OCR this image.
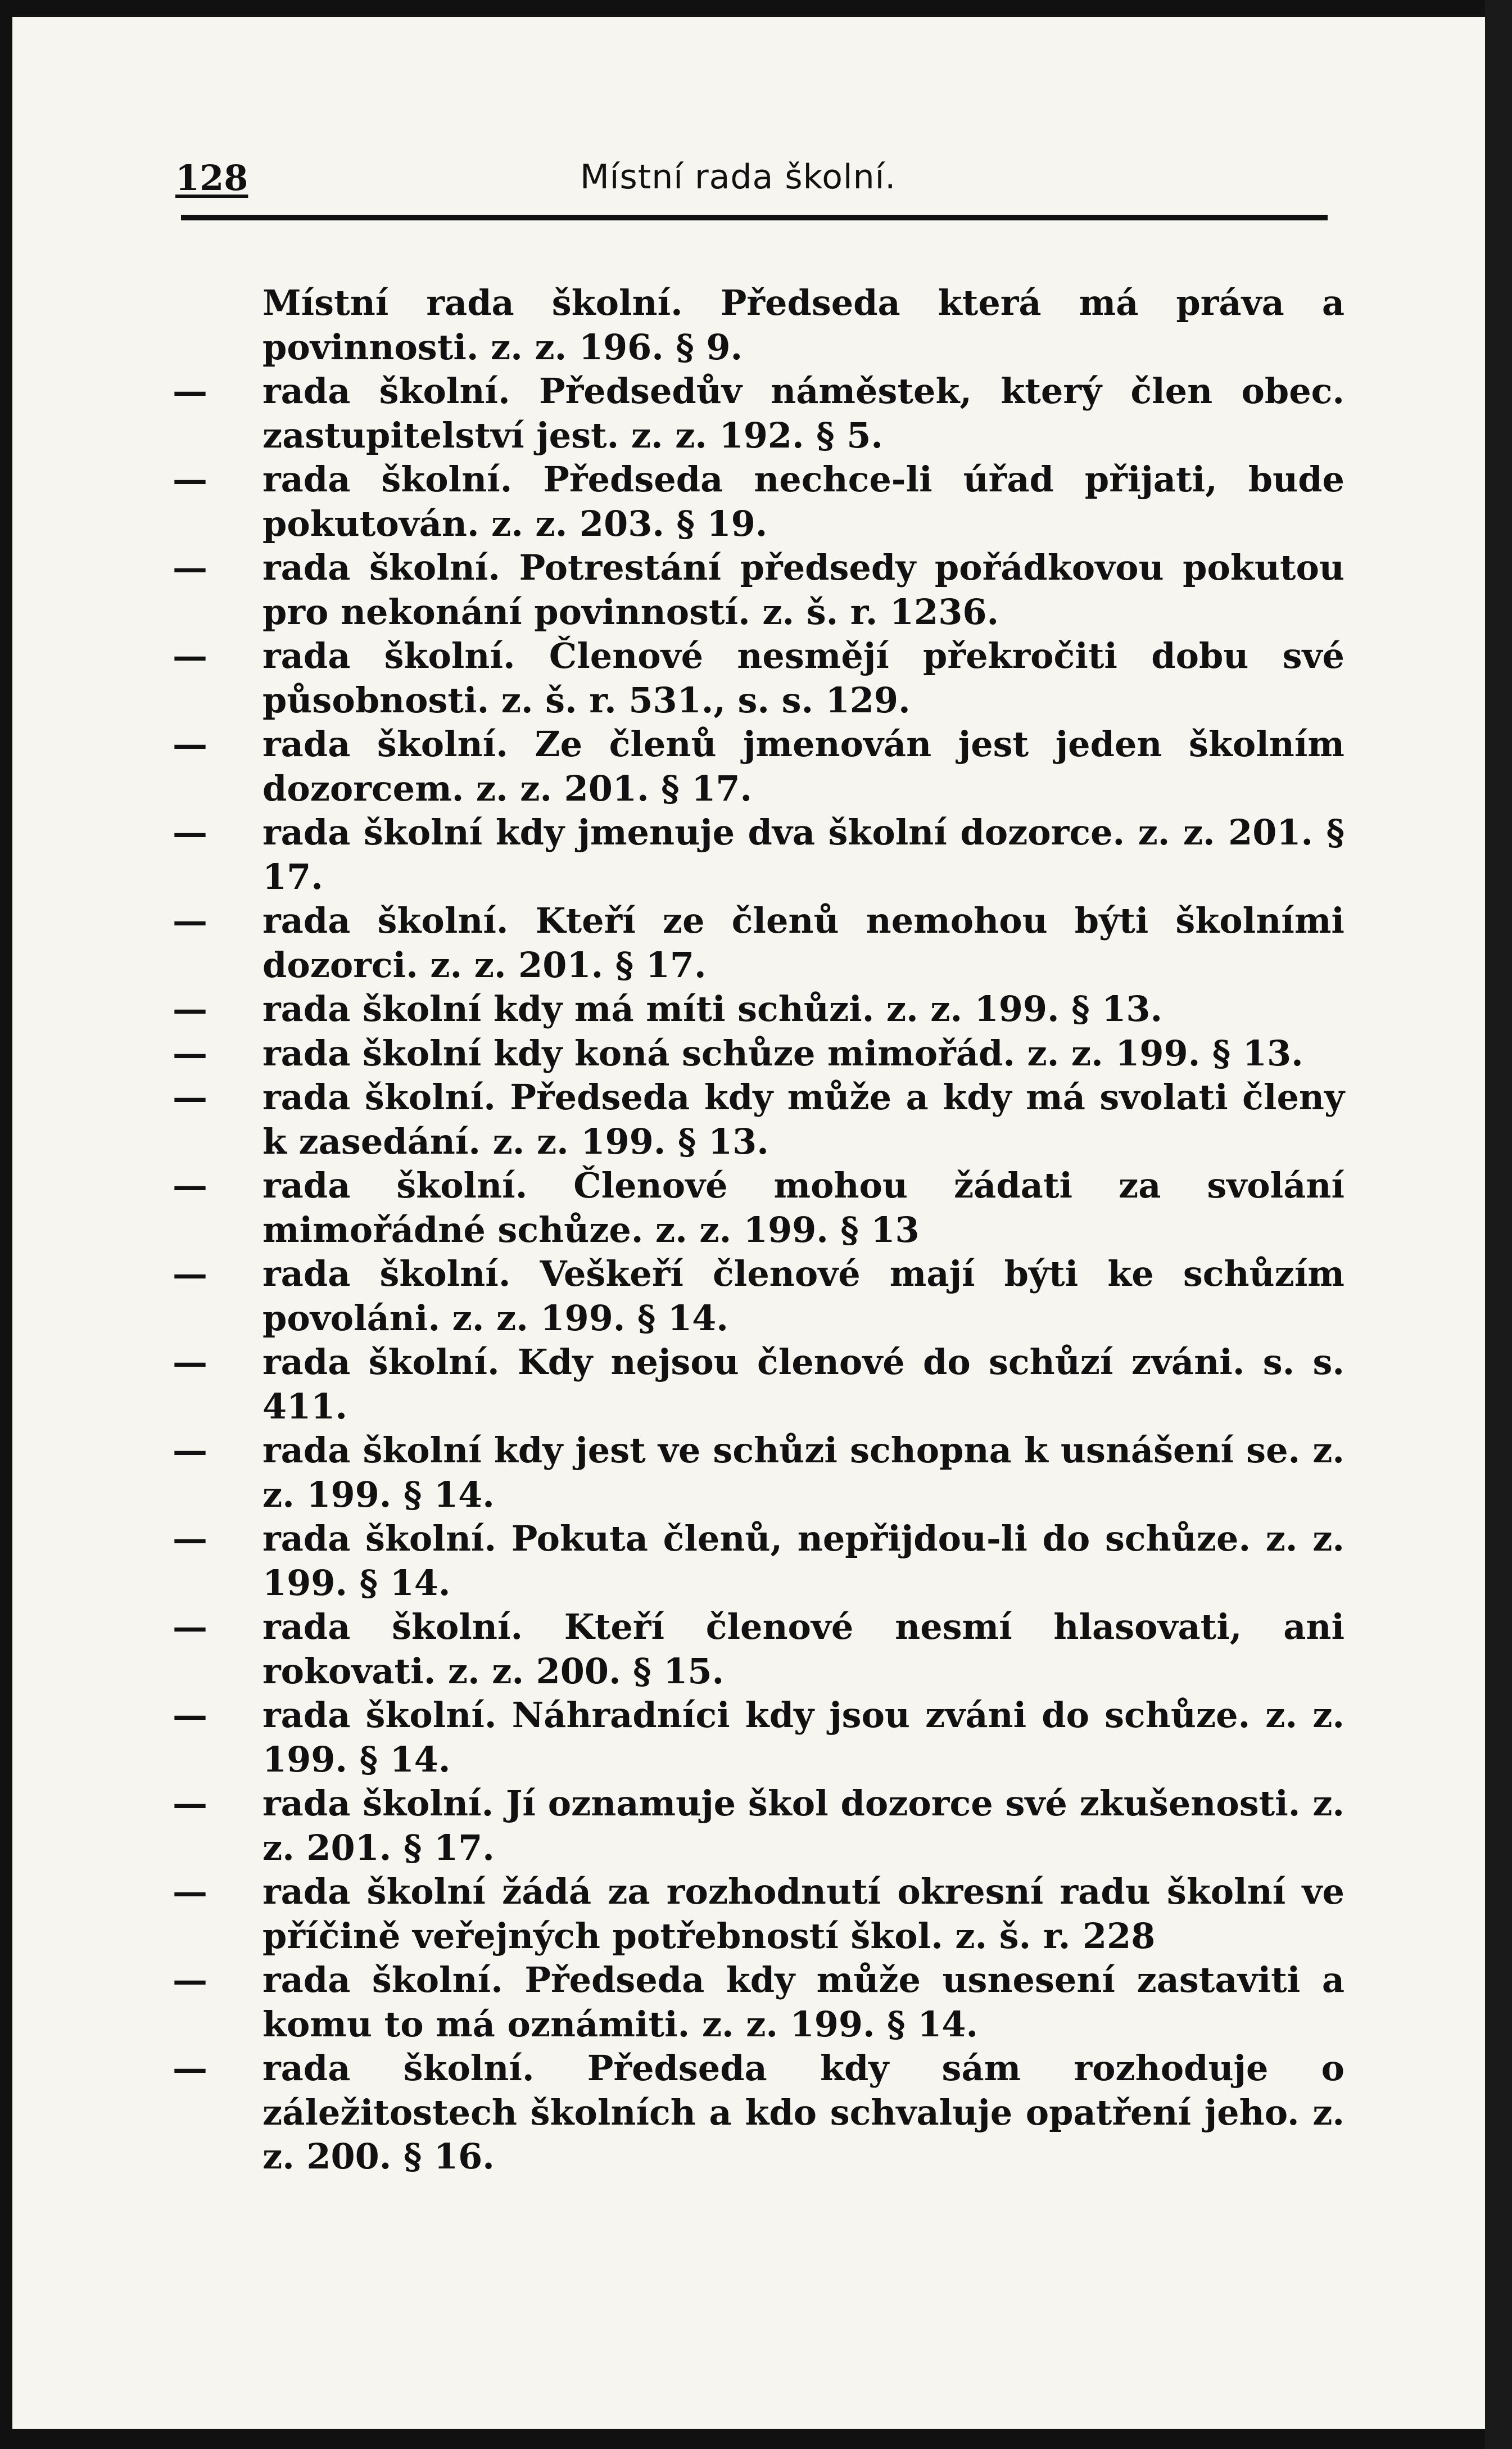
128	Místní rada školní.
Místní rada školní. Předseda která má práva a povinnosti. z. z. 196. § 9.
— rada školní. Předsedův náměstek, který člen obec. zastupitelství jest. z. z. 192. § 5.
— rada školní. Předseda nechce-li úřad přijati, bude pokutován. z. z. 203. § 19.
— rada školní. Potrestání předsedy pořádkovou pokutou pro nekonání povinností. z. š. r. 1236.
— rada školní. Členové nesmějí překročiti dobu své působnosti. z. š. r. 531., s. s. 129.
— rada školní. Ze členů jmenován jest jeden školním dozorcem. z. z. 201. § 17.
— rada školní kdy jmenuje dva školní dozorce. z. z. 201. § 17.
— rada školní. Kteří ze členů nemohou býti školními dozorci. z. z. 201. § 17.
— rada školní kdy má míti schůzi. z. z. 199. § 13.
— rada školní kdy koná schůze mimořád. z. z. 199. § 13.
— rada školní. Předseda kdy může a kdy má svolati členy k zasedání. z. z. 199. § 13.
— rada školní. Členové mohou žádati za svolání mimořádné schůze. z. z. 199. § 13
— rada školní. Veškeří členové mají býti ke schůzím povoláni. z. z. 199. § 14.
— rada školní. Kdy nejsou členové do schůzí zváni. s. s. 411.
— rada školní kdy jest ve schůzi schopna k usnášení se. z. z. 199. § 14.
— rada školní. Pokuta členů, nepřijdou-li do schůze. z. z. 199. § 14.
— rada školní. Kteří členové nesmí hlasovati, ani rokovati. z. z. 200. § 15.
— rada školní. Náhradníci kdy jsou zváni do schůze. z. z. 199. § 14.
— rada školní. Jí oznamuje škol dozorce své zkušenosti. z. z. 201. § 17.
— rada školní žádá za rozhodnutí okresní radu školní ve příčině veřejných potřebností škol. z. š. r. 228
— rada školní. Předseda kdy může usnesení zastaviti a komu to má oznámiti. z. z. 199. § 14.
— rada školní. Předseda kdy sám rozhoduje o záležitostech školních a kdo schvaluje opatření jeho. z. z. 200. § 16.
